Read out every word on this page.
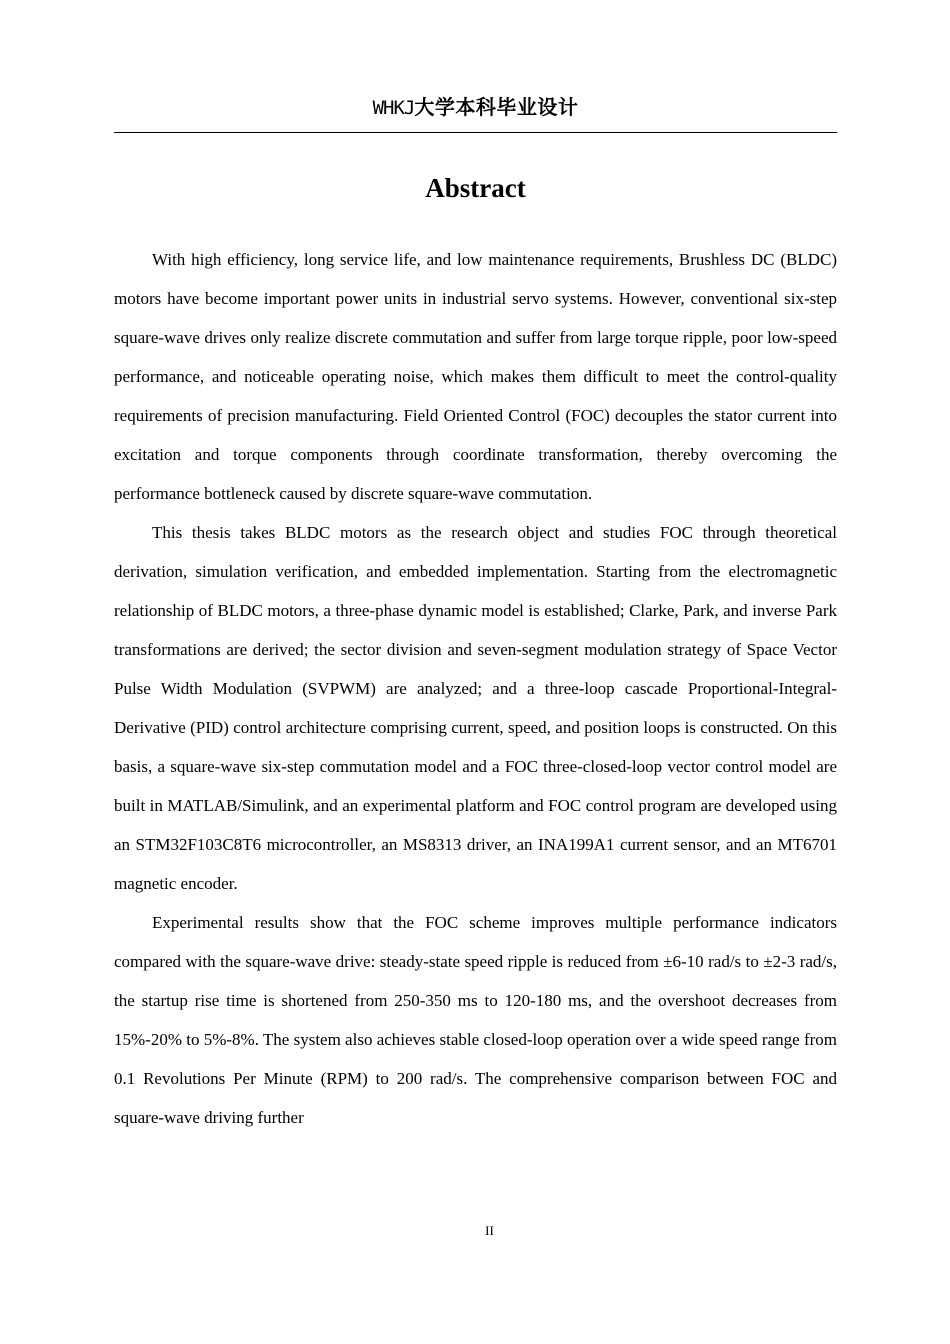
WHKJ大学本科毕业设计
Abstract

With high efficiency, long service life, and low maintenance requirements, Brushless DC (BLDC) motors have become important power units in industrial servo systems. However, conventional six-step square-wave drives only realize discrete commutation and suffer from large torque ripple, poor low-speed performance, and noticeable operating noise, which makes them difficult to meet the control-quality requirements of precision manufacturing. Field Oriented Control (FOC) decouples the stator current into excitation and torque components through coordinate transformation, thereby overcoming the performance bottleneck caused by discrete square-wave commutation.

This thesis takes BLDC motors as the research object and studies FOC through theoretical derivation, simulation verification, and embedded implementation. Starting from the electromagnetic relationship of BLDC motors, a three-phase dynamic model is established; Clarke, Park, and inverse Park transformations are derived; the sector division and seven-segment modulation strategy of Space Vector Pulse Width Modulation (SVPWM) are analyzed; and a three-loop cascade Proportional-Integral-Derivative (PID) control architecture comprising current, speed, and position loops is constructed. On this basis, a square-wave six-step commutation model and a FOC three-closed-loop vector control model are built in MATLAB/Simulink, and an experimental platform and FOC control program are developed using an STM32F103C8T6 microcontroller, an MS8313 driver, an INA199A1 current sensor, and an MT6701 magnetic encoder.

Experimental results show that the FOC scheme improves multiple performance indicators compared with the square-wave drive: steady-state speed ripple is reduced from ±6-10 rad/s to ±2-3 rad/s, the startup rise time is shortened from 250-350 ms to 120-180 ms, and the overshoot decreases from 15%-20% to 5%-8%. The system also achieves stable closed-loop operation over a wide speed range from 0.1 Revolutions Per Minute (RPM) to 200 rad/s. The comprehensive comparison between FOC and square-wave driving further

II
